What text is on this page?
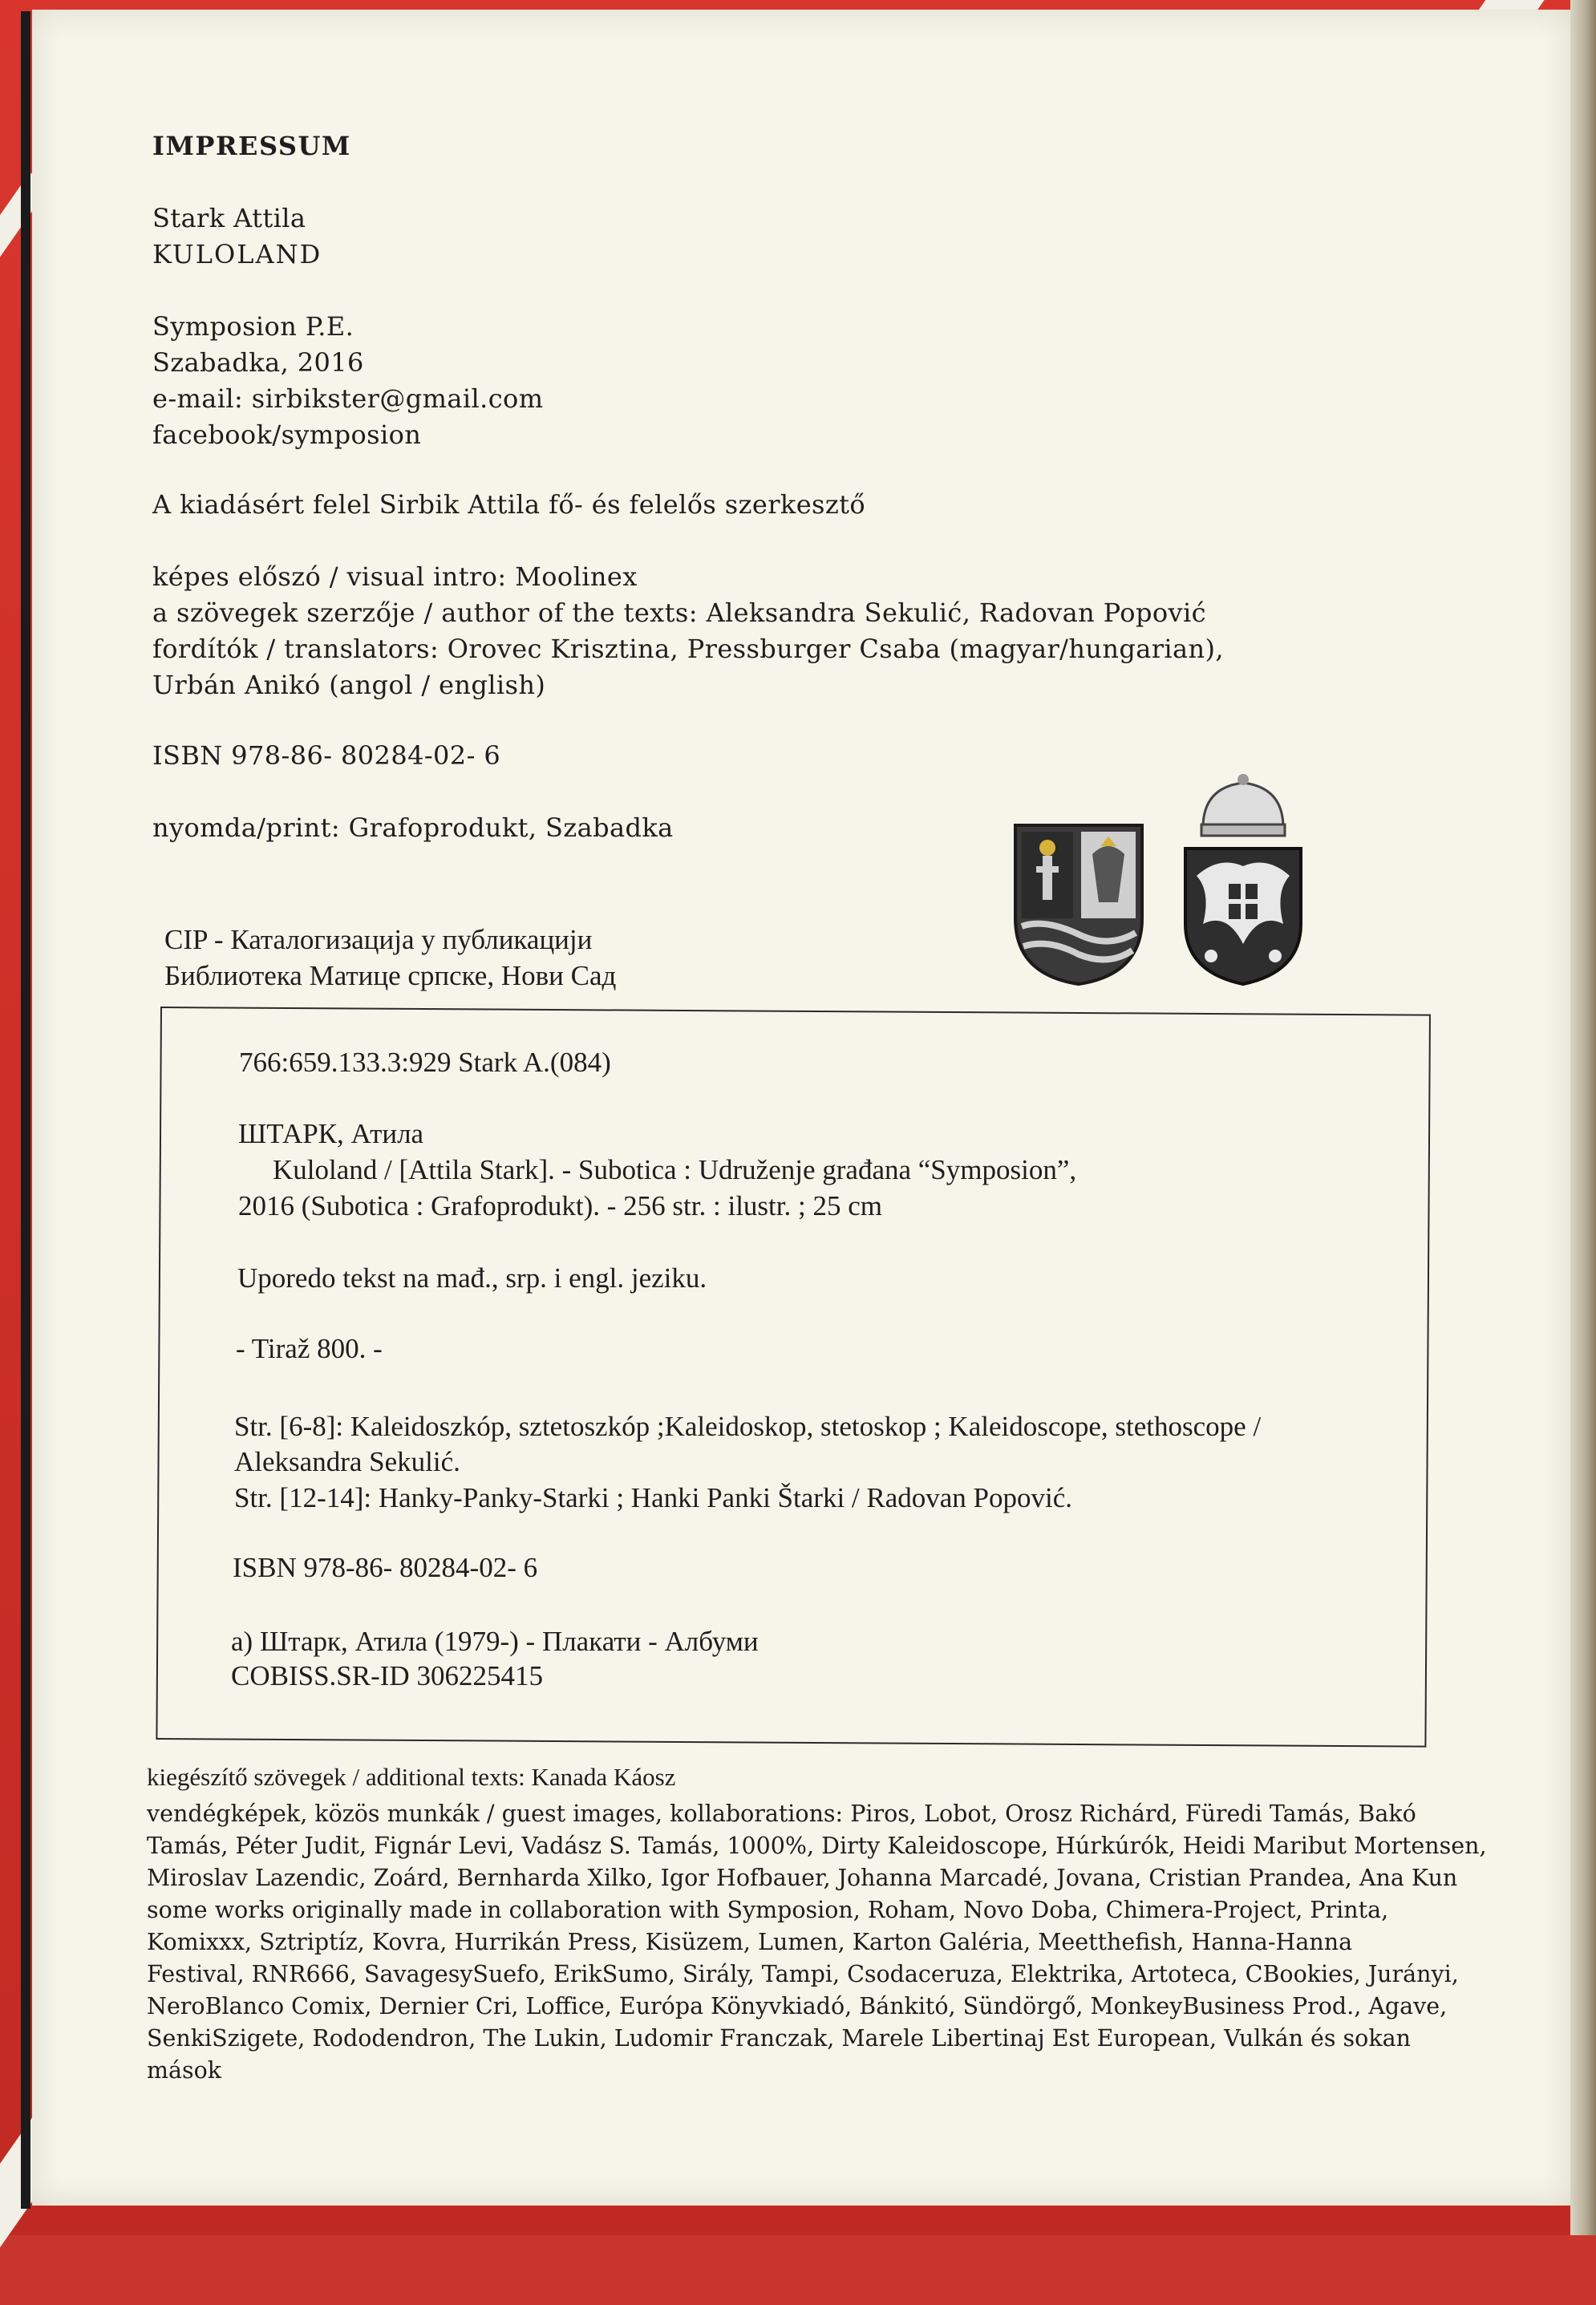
IMPRESSUM
Stark Attila
KULOLAND
Symposion P.E.
Szabadka, 2016
e-mail: sirbikster@gmail.com
facebook/symposion
A kiadásért felel Sirbik Attila fő- és felelős szerkesztő
képes előszó / visual intro: Moolinex
a szövegek szerzője / author of the texts: Aleksandra Sekulić, Radovan Popović
fordítók / translators: Orovec Krisztina, Pressburger Csaba (magyar/hungarian),
Urbán Anikó (angol / english)
ISBN 978-86- 80284-02- 6
nyomda/print: Grafoprodukt, Szabadka
CIP - Каталогизација у публикацији
Библиотека Матице српске, Нови Сад
766:659.133.3:929 Stark A.(084)
ШТАРК, Атила
Kuloland / [Attila Stark]. - Subotica : Udruženje građana “Symposion”,
2016 (Subotica : Grafoprodukt). - 256 str. : ilustr. ; 25 cm
Uporedo tekst na mađ., srp. i engl. jeziku.
- Tiraž 800. -
Str. [6-8]: Kaleidoszkóp, sztetoszkóp ;Kaleidoskop, stetoskop ; Kaleidoscope, stethoscope /
Aleksandra Sekulić.
Str. [12-14]: Hanky-Panky-Starki ; Hanki Panki Štarki / Radovan Popović.
ISBN 978-86- 80284-02- 6
а) Штарк, Атила (1979-) - Плакати - Албуми
COBISS.SR-ID 306225415
kiegészítő szövegek / additional texts: Kanada Káosz
vendégképek, közös munkák / guest images, kollaborations: Piros, Lobot, Orosz Richárd, Füredi Tamás, Bakó
Tamás, Péter Judit, Fignár Levi, Vadász S. Tamás, 1000%, Dirty Kaleidoscope, Húrkúrók, Heidi Maribut Mortensen,
Miroslav Lazendic, Zoárd, Bernharda Xilko, Igor Hofbauer, Johanna Marcadé, Jovana, Cristian Prandea, Ana Kun
some works originally made in collaboration with Symposion, Roham, Novo Doba, Chimera-Project, Printa,
Komixxx, Sztriptíz, Kovra, Hurrikán Press, Kisüzem, Lumen, Karton Galéria, Meetthefish, Hanna-Hanna
Festival, RNR666, SavagesySuefo, ErikSumo, Sirály, Tampi, Csodaceruza, Elektrika, Artoteca, CBookies, Jurányi,
NeroBlanco Comix, Dernier Cri, Loffice, Európa Könyvkiadó, Bánkitó, Sündörgő, MonkeyBusiness Prod., Agave,
SenkiSzigete, Rododendron, The Lukin, Ludomir Franczak, Marele Libertinaj Est European, Vulkán és sokan
mások
